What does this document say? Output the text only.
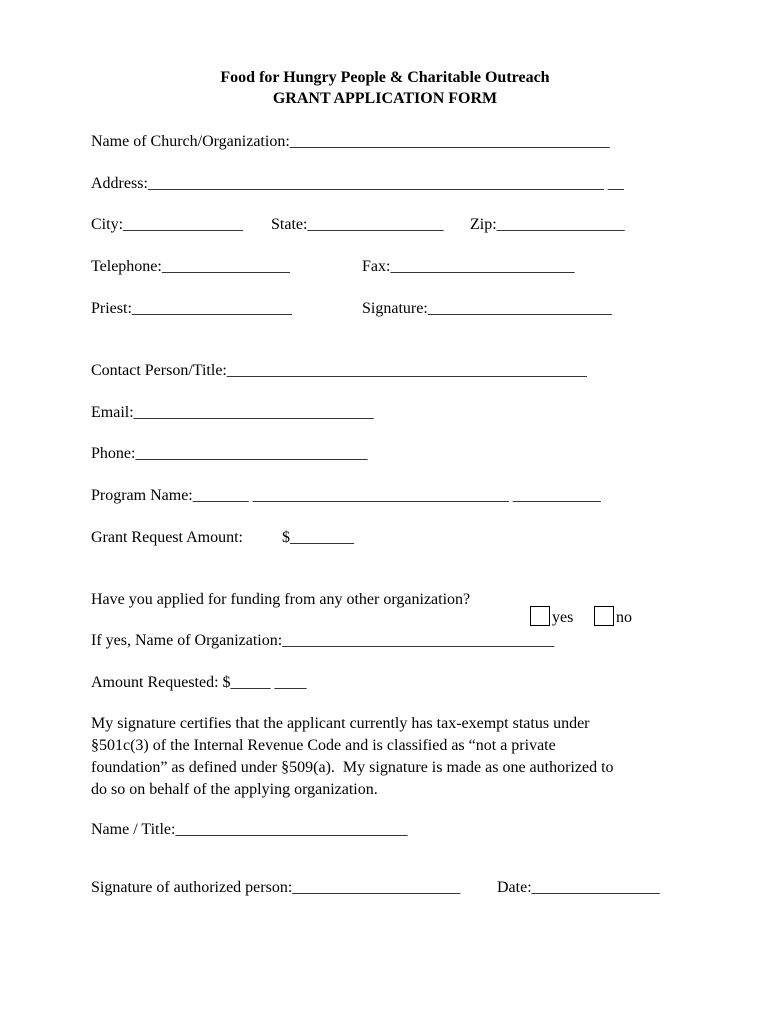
Food for Hungry People & Charitable Outreach
GRANT APPLICATION FORM
Name of Church/Organization:________________________________________
Address:_________________________________________________________ __
City:_______________ State:_________________ Zip:________________
Telephone:________________	Fax:_______________________
Priest:____________________	Signature:_______________________
Contact Person/Title:_____________________________________________
Email:______________________________
Phone:_____________________________
Program Name:_______ ________________________________ ___________
Grant Request Amount: $________
Have you applied for funding from any other organization?

yes	no

If yes, Name of Organization:__________________________________
Amount Requested: $_____ ____
My signature certifies that the applicant currently has tax-exempt status under
§501c(3) of the Internal Revenue Code and is classified as “not a private
foundation” as defined under §509(a).  My signature is made as one authorized to
do so on behalf of the applying organization.
Name / Title:_____________________________
Signature of authorized person:_____________________ Date:________________
